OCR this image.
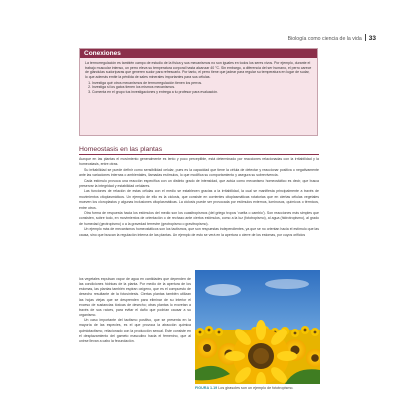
Biología como ciencia de la vida 33
Conexiones

La termorregulación es también campo de estudio de la física y sus mecanismos no son iguales en todos los seres vivos. Por ejemplo, durante el trabajo muscular intenso, un perro eleva su temperatura corporal hasta alcanzar 40 °C. Sin embargo, a diferencia del ser humano, el perro carece de glándulas sudoríparas que generen sudor para refrescarlo. Por tanto, el perro tiene que jadear para regular su temperatura en lugar de sudar, lo que además emite la pérdida de sales minerales importantes para sus células.

1. Investiga qué otros mecanismos de termorregulación tienen los perros.
2. Investiga si los gatos tienen los mismos mecanismos.
3. Comenta en el grupo tus investigaciones y entrega a tu profesor para evaluación.
Homeostasis en las plantas

Aunque en las plantas el movimiento generalmente es lento y poco perceptible, está determinado por reacciones relacionadas con la irritabilidad y la homeostasis, entre otras.

Su irritabilidad se puede definir como sensibilidad celular, pues es la capacidad que tiene la célula de detectar y reaccionar positiva o negativamente ante las variaciones internas o ambientales, llamadas estímulos, lo que modifica su comportamiento y asegura su sobrevivencia.

Cada estímulo provoca una reacción específica con un distinto grado de intensidad, que actúa como mecanismo homeostático es decir, que busca preservar la integridad y estabilidad celulares.

Las funciones de relación de estas células con el medio se establecen gracias a la irritabilidad, la cual se manifiesta principalmente a través de movimientos citoplasmáticos. Un ejemplo de ello es la ciclosis, que consiste en corrientes citoplasmáticas rotatorias que en ciertas células vegetales mueven los cloroplastos y algunas inclusiones citoplasmáticas. La ciclosis puede ser provocada por estímulos externos, luminosos, químicos o térmicos, entre otros.

Otra forma de respuesta hacia los estímulos del medio son los cuasitropismos (del griego tropos 'vuelta o cambio'). Son reacciones más simples que consisten, sobre todo, en movimientos de orientación o de rechazo ante ciertos estímulos, como a la luz (fototropismo), al agua (hidrotropismo), al grado de humedad (geotropismo) o a la gravedad terrestre (geotropismo o gravitropismo).

Un ejemplo más de mecanismos homeostáticos son los tactismos, que son respuestas independientes, ya que se no orientan hacia el estímulo que las causa, sino que buscan la regulación interna de las plantas. Un ejemplo de esto se verá en la apertura o cierre de los estomas, por cuyos orificios

los vegetales expulsan vapor de agua en cantidades que dependen de las condiciones hídricas de la planta. Por medio de la apertura de los estomas, las plantas también espiran oxígeno, que es el compuesto de desecho resultante de la fotosíntesis. Ciertas plantas también utilizan las hojas viejas que se desprenden para eliminar de su interior el exceso de sustancias tóxicas de desecho; otras plantas lo excretan a través de sus raíces, para evitar el daño que podrían causar a su organismo.

Un caso importante del tactismo positivo, que se presenta en la mayoría de las especies, es el que provoca la atracción química quimiotactismo, relacionado con la producción sexual. Este consiste en el desplazamiento del gameto masculino hacia el femenino, que al unirse llevan a cabo la fecundación.

FIGURA 1.19 Los girasoles son un ejemplo de fototropismo.
